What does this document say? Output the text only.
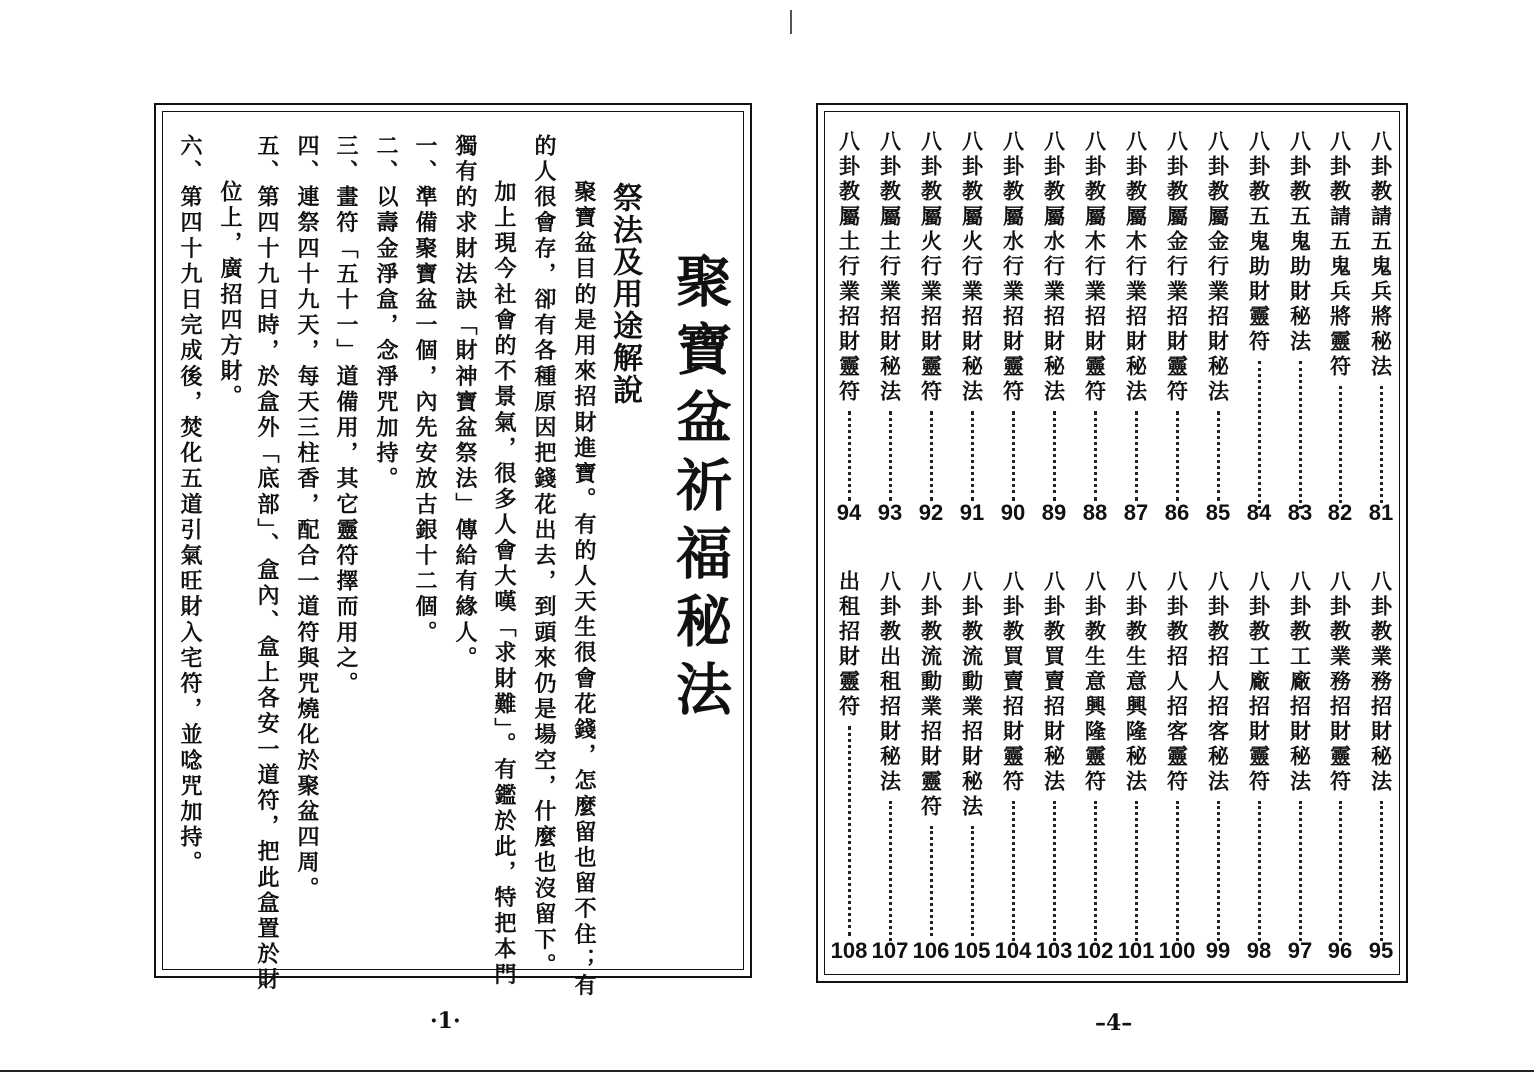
聚寶盆祈福秘法
祭法及用途解說
聚寶盆目的是用來招財進寶。有的人天生很會花錢，怎麼留也留不住；有
的人很會存，卻有各種原因把錢花出去，到頭來仍是場空，什麼也沒留下。
加上現今社會的不景氣，很多人會大嘆「求財難」。有鑑於此，特把本門
獨有的求財法訣「財神寶盆祭法」傳給有緣人。
一、準備聚寶盆一個，內先安放古銀十二個。
二、以壽金淨盒，念淨咒加持。
三、畫符「五十一」道備用，其它靈符擇而用之。
四、連祭四十九天，每天三柱香，配合一道符與咒燒化於聚盆四周。
五、第四十九日時，於盒外「底部」、盒內、盒上各安一道符，把此盒置於財
位上，廣招四方財。
六、第四十九日完成後，焚化五道引氣旺財入宅符，並唸咒加持。
·1·
八卦教請五鬼兵將秘法
八卦教請五鬼兵將靈符
八卦教五鬼助財秘法
八卦教五鬼助財靈符
八卦教屬金行業招財秘法
八卦教屬金行業招財靈符
八卦教屬木行業招財秘法
八卦教屬木行業招財靈符
八卦教屬水行業招財秘法
八卦教屬水行業招財靈符
八卦教屬火行業招財秘法
八卦教屬火行業招財靈符
八卦教屬土行業招財秘法
八卦教屬土行業招財靈符
81
82
83
84
85
86
87
88
89
90
91
92
93
94
八卦教業務招財秘法
八卦教業務招財靈符
八卦教工廠招財秘法
八卦教工廠招財靈符
八卦教招人招客秘法
八卦教招人招客靈符
八卦教生意興隆秘法
八卦教生意興隆靈符
八卦教買賣招財秘法
八卦教買賣招財靈符
八卦教流動業招財秘法
八卦教流動業招財靈符
八卦教出租招財秘法
出租招財靈符
95
96
97
98
99
100
101
102
103
104
105
106
107
108
–4–
